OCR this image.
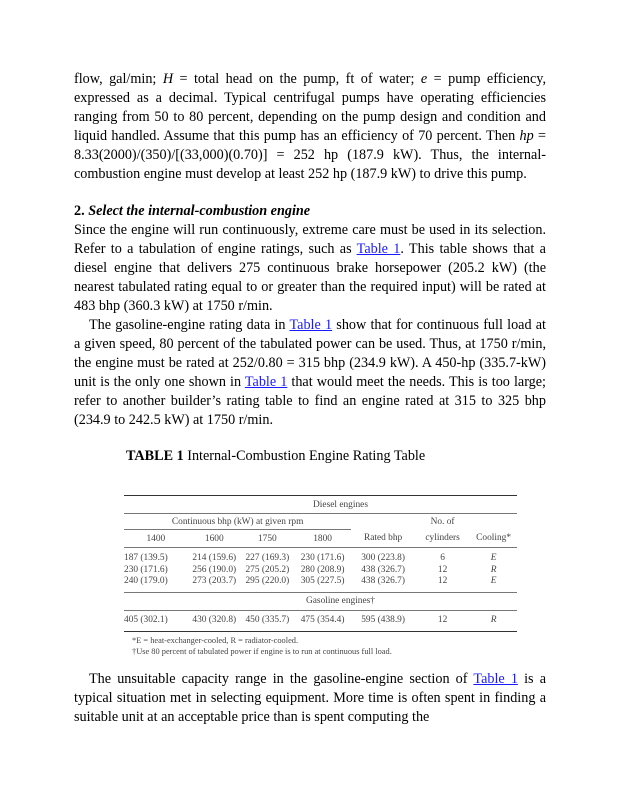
flow, gal/min; H = total head on the pump, ft of water; e = pump efficiency, expressed as a decimal. Typical centrifugal pumps have operating efficiencies ranging from 50 to 80 percent, depending on the pump design and condition and liquid handled. Assume that this pump has an efficiency of 70 percent. Then hp = 8.33(2000)/(350)/[(33,000)(0.70)] = 252 hp (187.9 kW). Thus, the internal-combustion engine must develop at least 252 hp (187.9 kW) to drive this pump.

2. Select the internal-combustion engine

Since the engine will run continuously, extreme care must be used in its selection. Refer to a tabulation of engine ratings, such as Table 1. This table shows that a diesel engine that delivers 275 continuous brake horsepower (205.2 kW) (the nearest tabulated rating equal to or greater than the required input) will be rated at 483 bhp (360.3 kW) at 1750 r/min.

The gasoline-engine rating data in Table 1 show that for continuous full load at a given speed, 80 percent of the tabulated power can be used. Thus, at 1750 r/min, the engine must be rated at 252/0.80 = 315 bhp (234.9 kW). A 450-hp (335.7-kW) unit is the only one shown in Table 1 that would meet the needs. This is too large; refer to another builder’s rating table to find an engine rated at 315 to 325 bhp (234.9 to 242.5 kW) at 1750 r/min.

TABLE 1 Internal-Combustion Engine Rating Table

Diesel engines						
Continuous bhp (kW) at given rpm					No. of	
1400	1600	1750	1800	Rated bhp	cylinders	Cooling*
187 (139.5)	214 (159.6)	227 (169.3)	230 (171.6)	300 (223.8)	6	E
230 (171.6)	256 (190.0)	275 (205.2)	280 (208.9)	438 (326.7)	12	R
240 (179.0)	273 (203.7)	295 (220.0)	305 (227.5)	438 (326.7)	12	E
Gasoline engines†						
405 (302.1)	430 (320.8)	450 (335.7)	475 (354.4)	595 (438.9)	12	R
*E = heat-exchanger-cooled, R = radiator-cooled.
†Use 80 percent of tabulated power if engine is to run at continuous full load.

The unsuitable capacity range in the gasoline-engine section of Table 1 is a typical situation met in selecting equipment. More time is often spent in finding a suitable unit at an acceptable price than is spent computing the
